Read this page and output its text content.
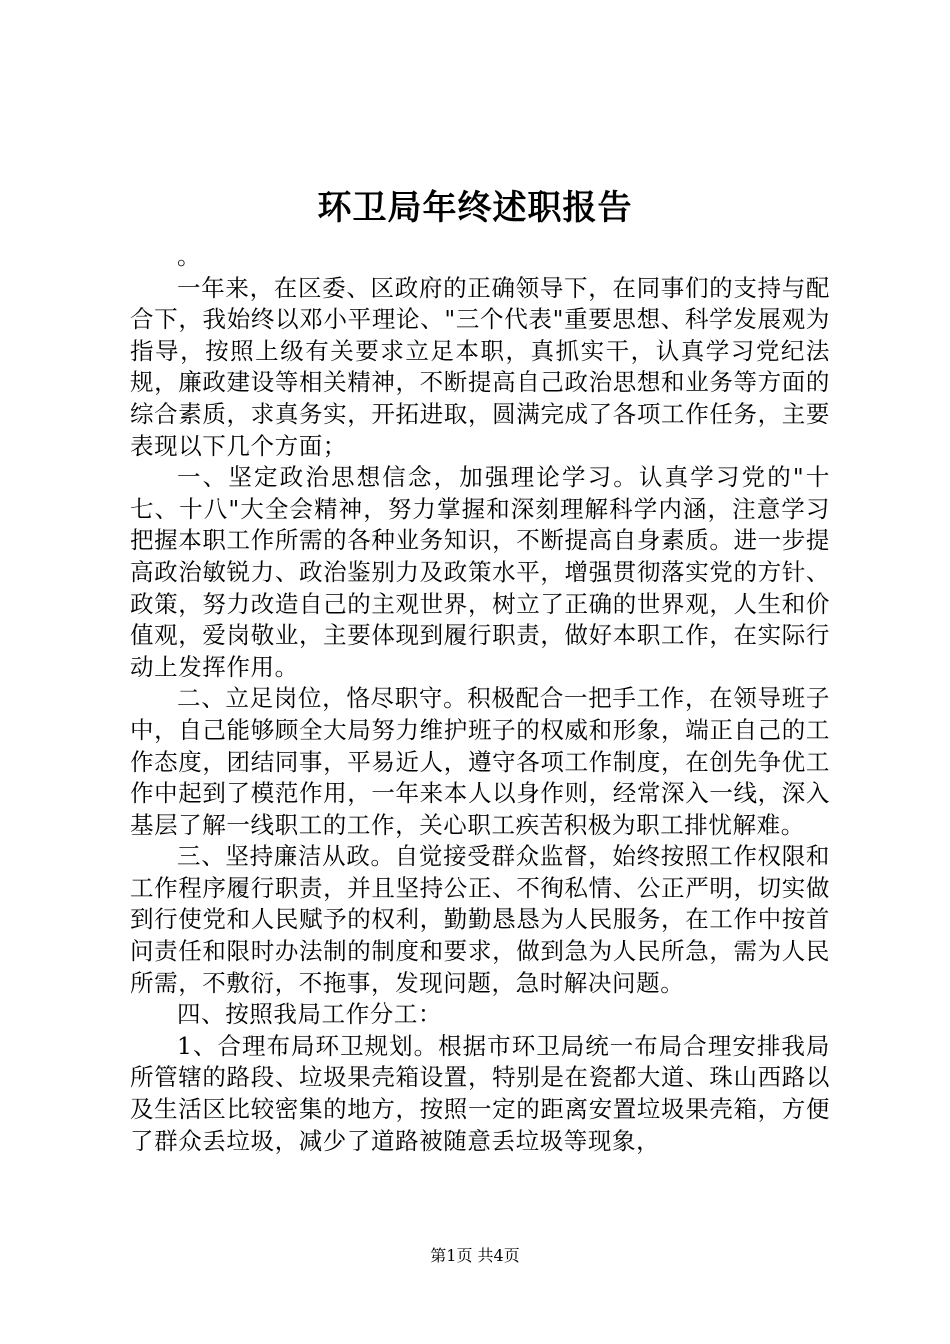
环卫局年终述职报告

。

一年来，在区委、区政府的正确领导下，在同事们的支持与配合下，我始终以邓小平理论、"三个代表"重要思想、科学发展观为指导，按照上级有关要求立足本职，真抓实干，认真学习党纪法规，廉政建设等相关精神，不断提高自己政治思想和业务等方面的综合素质，求真务实，开拓进取，圆满完成了各项工作任务，主要表现以下几个方面；

一、坚定政治思想信念，加强理论学习。认真学习党的"十七、十八"大全会精神，努力掌握和深刻理解科学内涵，注意学习把握本职工作所需的各种业务知识，不断提高自身素质。进一步提高政治敏锐力、政治鉴别力及政策水平，增强贯彻落实党的方针、政策，努力改造自己的主观世界，树立了正确的世界观，人生和价值观，爱岗敬业，主要体现到履行职责，做好本职工作，在实际行动上发挥作用。

二、立足岗位，恪尽职守。积极配合一把手工作，在领导班子中，自己能够顾全大局努力维护班子的权威和形象，端正自己的工作态度，团结同事，平易近人，遵守各项工作制度，在创先争优工作中起到了模范作用，一年来本人以身作则，经常深入一线，深入基层了解一线职工的工作，关心职工疾苦积极为职工排忧解难。

三、坚持廉洁从政。自觉接受群众监督，始终按照工作权限和工作程序履行职责，并且坚持公正、不徇私情、公正严明，切实做到行使党和人民赋予的权利，勤勤恳恳为人民服务，在工作中按首问责任和限时办法制的制度和要求，做到急为人民所急，需为人民所需，不敷衍，不拖事，发现问题，急时解决问题。

四、按照我局工作分工：

1、合理布局环卫规划。根据市环卫局统一布局合理安排我局所管辖的路段、垃圾果壳箱设置，特别是在瓷都大道、珠山西路以及生活区比较密集的地方，按照一定的距离安置垃圾果壳箱，方便了群众丢垃圾，减少了道路被随意丢垃圾等现象，

第1页 共4页
